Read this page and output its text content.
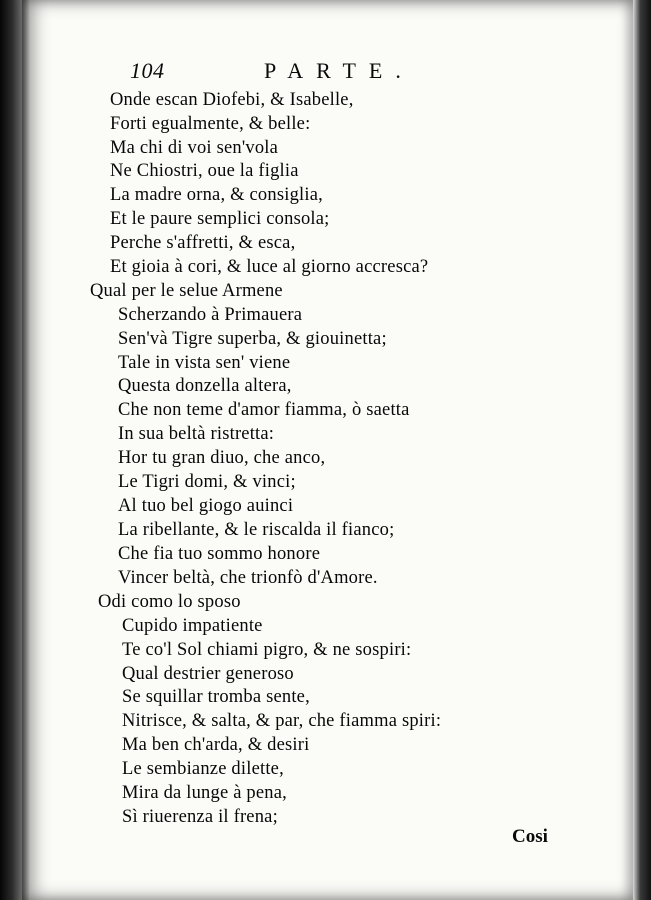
104	PARTE.
Onde escan Diofebi, & Isabelle,
Forti egualmente, & belle:
Ma chi di voi sen'vola
Ne Chiostri, oue la figlia
La madre orna, & consiglia,
Et le paure semplici consola;
Perche s'affretti, & esca,
Et gioia à cori, & luce al giorno accresca?
Qual per le selue Armene
Scherzando à Primauera
Sen'và Tigre superba, & giouinetta;
Tale in vista sen' viene
Questa donzella altera,
Che non teme d'amor fiamma, ò saetta
In sua beltà ristretta:
Hor tu gran diuo, che anco,
Le Tigri domi, & vinci;
Al tuo bel giogo auinci
La ribellante, & le riscalda il fianco;
Che fia tuo sommo honore
Vincer beltà, che trionfò d'Amore.
Odi como lo sposo
Cupido impatiente
Te co'l Sol chiami pigro, & ne sospiri:
Qual destrier generoso
Se squillar tromba sente,
Nitrisce, & salta, & par, che fiamma spiri:
Ma ben ch'arda, & desiri
Le sembianze dilette,
Mira da lunge à pena,
Sì riuerenza il frena;
Cosi
